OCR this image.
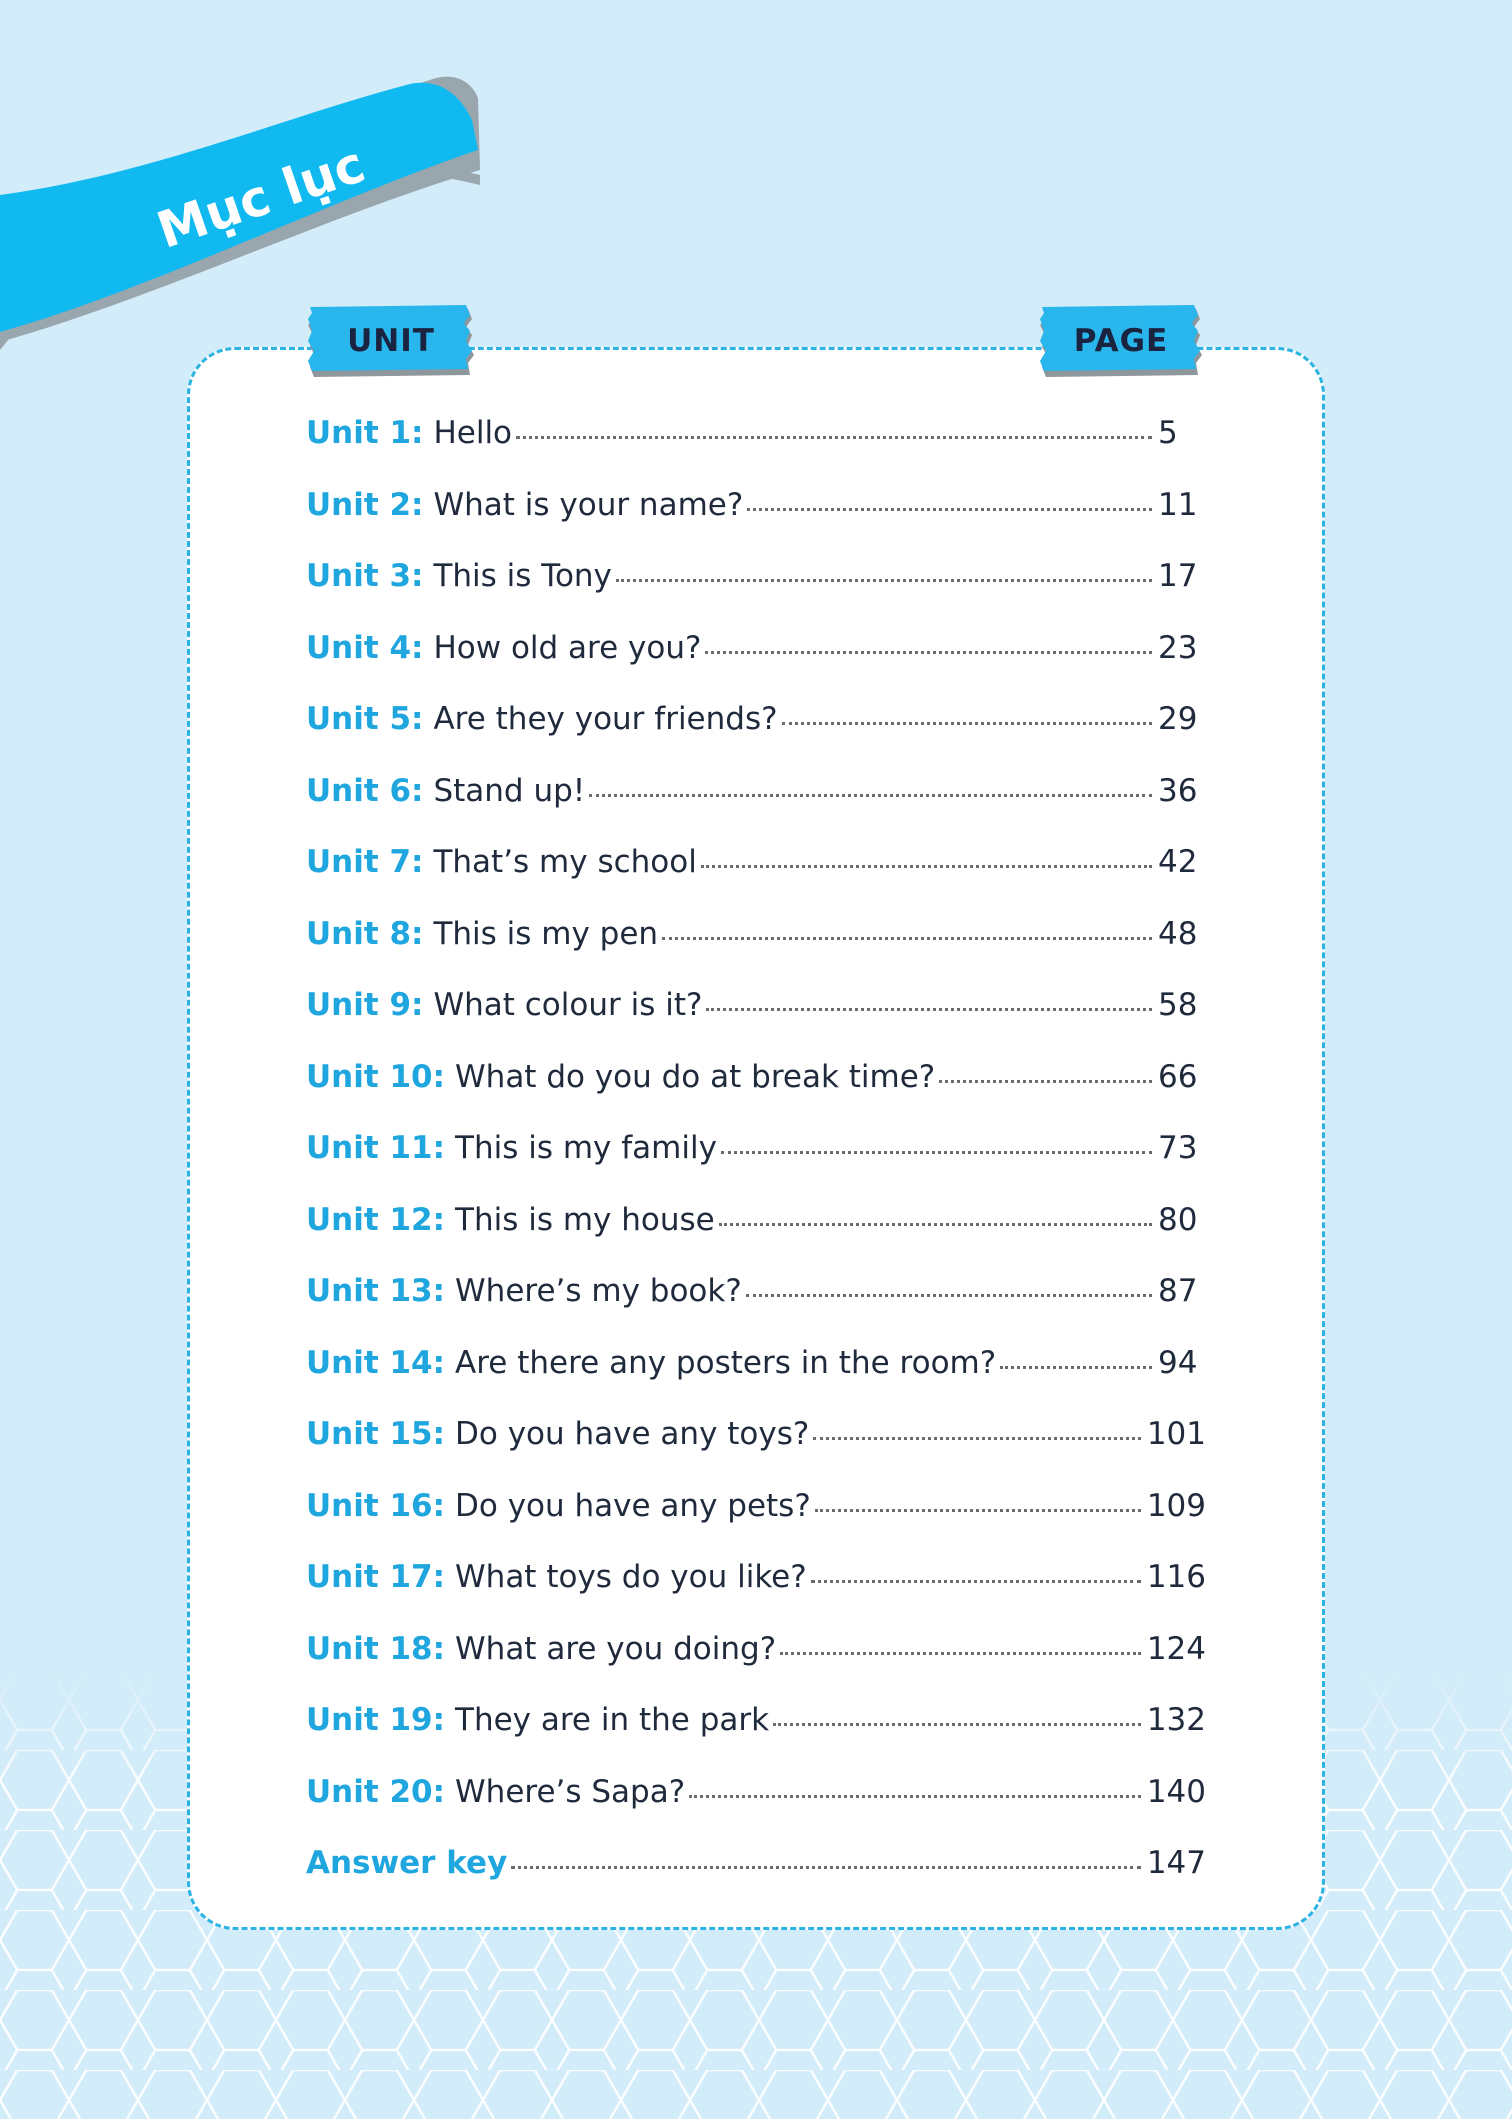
Mục lục
UNIT	PAGE
Unit 1: Hello	5
Unit 2: What is your name?	11
Unit 3: This is Tony	17
Unit 4: How old are you?	23
Unit 5: Are they your friends?	29
Unit 6: Stand up!	36
Unit 7: That’s my school	42
Unit 8: This is my pen	48
Unit 9: What colour is it?	58
Unit 10: What do you do at break time?	66
Unit 11: This is my family	73
Unit 12: This is my house	80
Unit 13: Where’s my book?	87
Unit 14: Are there any posters in the room?	94
Unit 15: Do you have any toys?	101
Unit 16: Do you have any pets?	109
Unit 17: What toys do you like?	116
Unit 18: What are you doing?	124
Unit 19: They are in the park	132
Unit 20: Where’s Sapa?	140
Answer key	147
